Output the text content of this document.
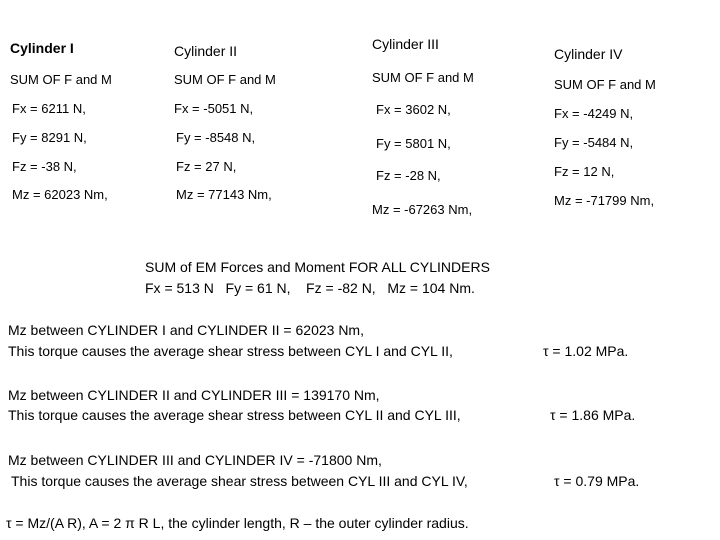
Cylinder I
SUM OF F and M
Fx = 6211 N,
Fy = 8291 N,
Fz = -38 N,
Mz = 62023 Nm,
Cylinder II
SUM OF F and M
Fx = -5051 N,
Fy = -8548 N,
Fz = 27 N,
Mz = 77143 Nm,
Cylinder III
SUM OF F and M
Fx = 3602 N,
Fy = 5801 N,
Fz = -28 N,
Mz = -67263 Nm,
Cylinder IV
SUM OF F and M
Fx = -4249 N,
Fy = -5484 N,
Fz = 12 N,
Mz = -71799 Nm,
SUM of EM Forces and Moment FOR ALL CYLINDERS
Fx = 513 N   Fy = 61 N,    Fz = -82 N,   Mz = 104 Nm.
Mz between CYLINDER I and CYLINDER II = 62023 Nm,
This torque causes the average shear stress between CYL I and CYL II,	τ = 1.02 MPa.
Mz between CYLINDER II and CYLINDER III = 139170 Nm,
This torque causes the average shear stress between CYL II and CYL III,	τ = 1.86 MPa.
Mz between CYLINDER III and CYLINDER IV = -71800 Nm,
This torque causes the average shear stress between CYL III and CYL IV,	τ = 0.79 MPa.
τ = Mz/(A R), A = 2 π R L, the cylinder length, R – the outer cylinder radius.
